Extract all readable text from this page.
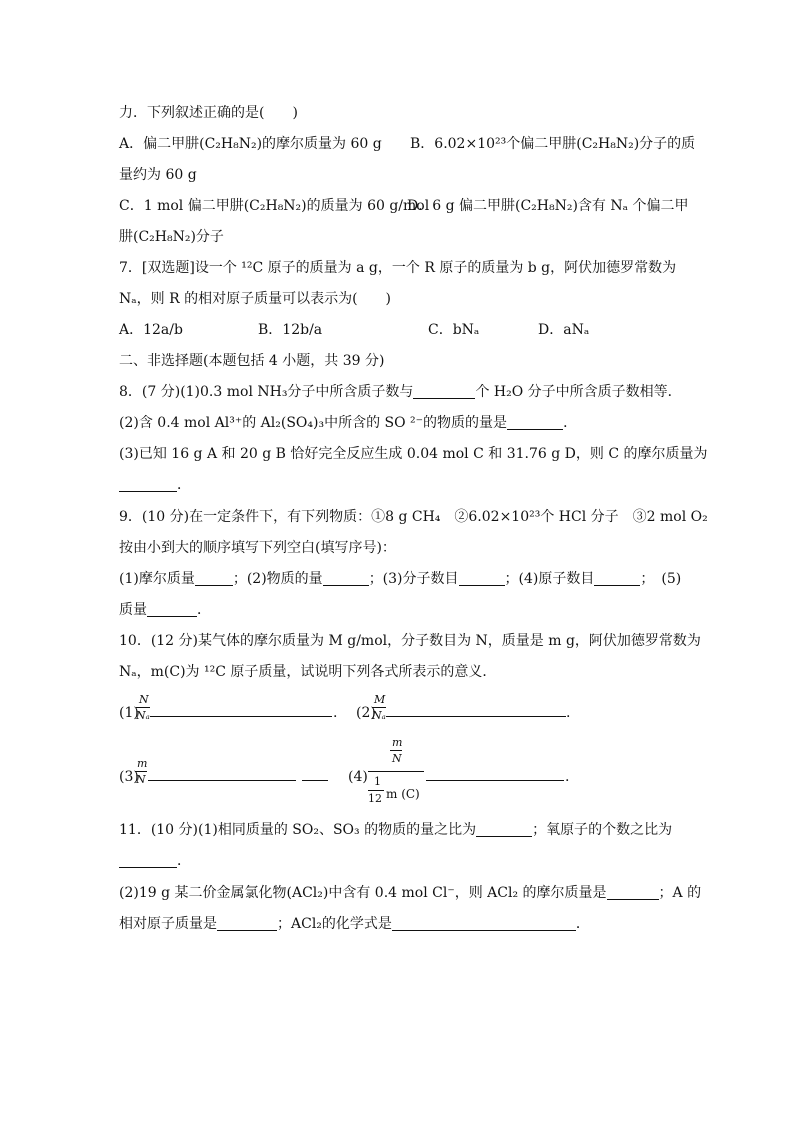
力．下列叙述正确的是(　　)
A．偏二甲肼(C₂H₈N₂)的摩尔质量为 60 g B．6.02×10²³个偏二甲肼(C₂H₈N₂)分子的质
量约为 60 g
C．1 mol 偏二甲肼(C₂H₈N₂)的质量为 60 g/mol
D．6 g 偏二甲肼(C₂H₈N₂)含有 Nₐ 个偏二甲
肼(C₂H₈N₂)分子
7．[双选题]设一个 ¹²C 原子的质量为 a g，一个 R 原子的质量为 b g，阿伏加德罗常数为
Nₐ，则 R 的相对原子质量可以表示为(　　)
A．12a/b	B．12b/a	C．bNₐ	D．aNₐ
二、非选择题(本题包括 4 小题，共 39 分)
8．(7 分)(1)0.3 mol NH₃分子中所含质子数与	个 H₂O 分子中所含质子数相等．
(2)含 0.4 mol Al³⁺的 Al₂(SO₄)₃中所含的 SO ²⁻的物质的量是	．
(3)已知 16 g A 和 20 g B 恰好完全反应生成 0.04 mol C 和 31.76 g D，则 C 的摩尔质量为
．
9．(10 分)在一定条件下，有下列物质：①8 g CH₄　②6.02×10²³个 HCl 分子　③2 mol O₂
按由小到大的顺序填写下列空白(填写序号)：
(1)摩尔质量	；(2)物质的量	；(3)分子数目	；(4)原子数目	；　(5)
质量	．
10．(12 分)某气体的摩尔质量为 M g/mol，分子数目为 N，质量是 m g，阿伏加德罗常数为
Nₐ，m(C)为 ¹²C 原子质量，试说明下列各式所表示的意义．
(1)
N
Nₐ	. (2)
M
Nₐ	.
(3)
m
N	(4)
m
N
1
12 m (C)
.
11．(10 分)(1)相同质量的 SO₂、SO₃ 的物质的量之比为	；氧原子的个数之比为
．
(2)19 g 某二价金属氯化物(ACl₂)中含有 0.4 mol Cl⁻，则 ACl₂ 的摩尔质量是	；A 的
相对原子质量是	；ACl₂的化学式是	．
